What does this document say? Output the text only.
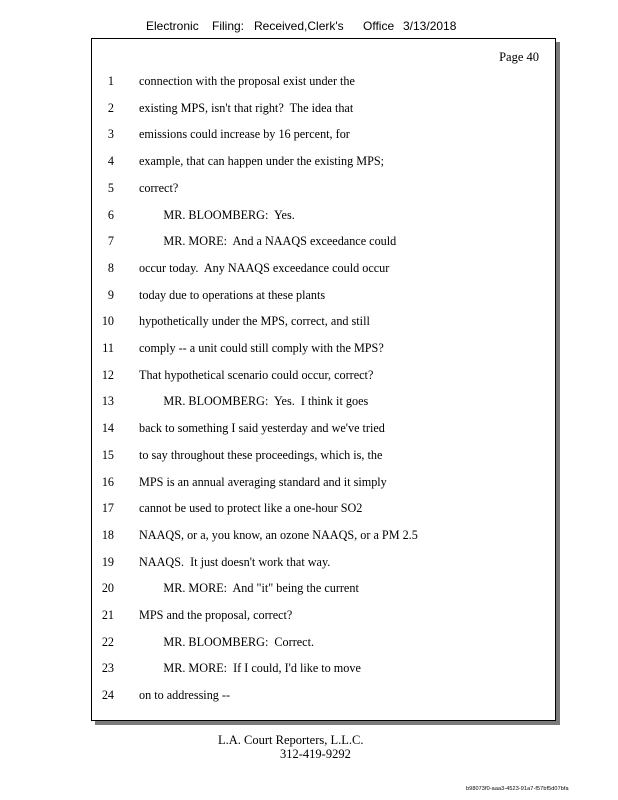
Electronic Filing: Received,Clerk's Office 3/13/2018
Page 40
1 connection with the proposal exist under the
2 existing MPS, isn't that right?  The idea that
3 emissions could increase by 16 percent, for
4 example, that can happen under the existing MPS;
5 correct?
6 MR. BLOOMBERG:  Yes.
7 MR. MORE:  And a NAAQS exceedance could
8 occur today.  Any NAAQS exceedance could occur
9 today due to operations at these plants
10 hypothetically under the MPS, correct, and still
11 comply -- a unit could still comply with the MPS?
12 That hypothetical scenario could occur, correct?
13 MR. BLOOMBERG:  Yes.  I think it goes
14 back to something I said yesterday and we've tried
15 to say throughout these proceedings, which is, the
16 MPS is an annual averaging standard and it simply
17 cannot be used to protect like a one-hour SO2
18 NAAQS, or a, you know, an ozone NAAQS, or a PM 2.5
19 NAAQS.  It just doesn't work that way.
20 MR. MORE:  And "it" being the current
21 MPS and the proposal, correct?
22 MR. BLOOMBERG:  Correct.
23 MR. MORE:  If I could, I'd like to move
24 on to addressing --
L.A. Court Reporters, L.L.C.
312-419-9292
b98073f0-aaa3-4523-91a7-f57bf5d07bfa
